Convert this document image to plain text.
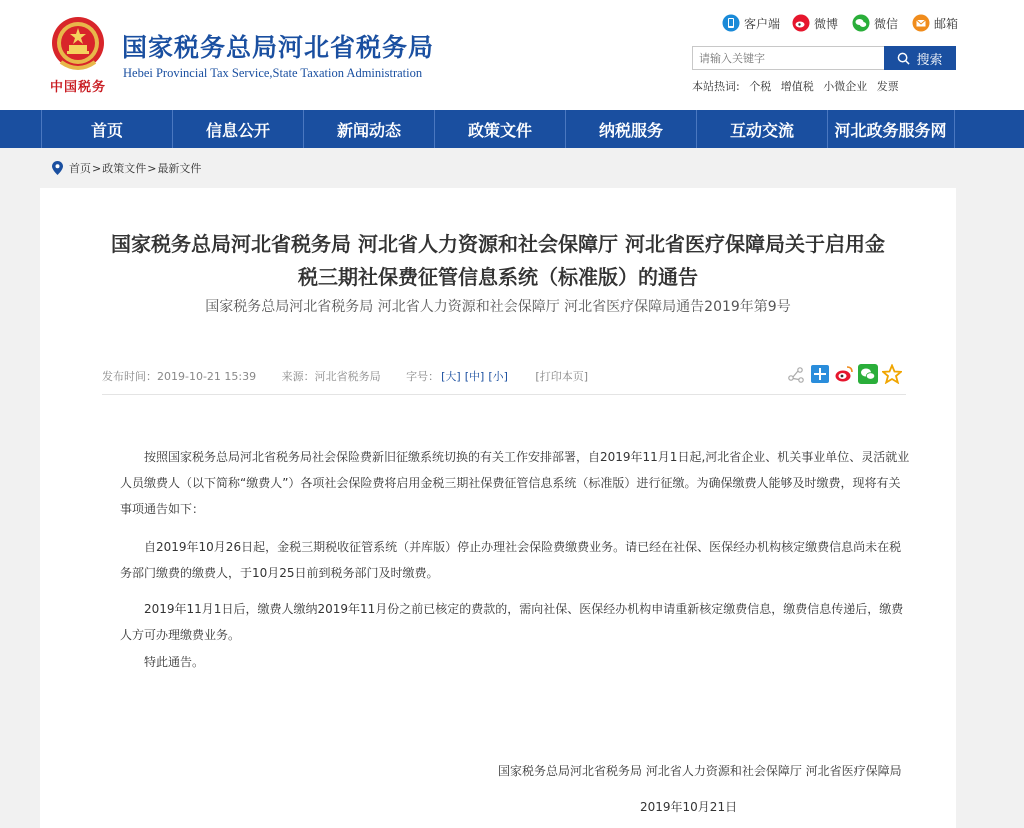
中国税务
国家税务总局河北省税务局
Hebei Provincial Tax Service,State Taxation Administration
客户端	微博	微信	邮箱
请输入关键字
搜索
本站热词: 个税 增值税 小微企业 发票
首页	信息公开	新闻动态	政策文件	纳税服务	互动交流	河北政务服务网
首页 > 政策文件 > 最新文件
国家税务总局河北省税务局 河北省人力资源和社会保障厅 河北省医疗保障局关于启用金
税三期社保费征管信息系统（标准版）的通告
国家税务总局河北省税务局 河北省人力资源和社会保障厅 河北省医疗保障局通告2019年第9号
发布时间：2019-10-21 15:39 来源：河北省税务局 字号： [大] [中] [小]	[打印本页]

按照国家税务总局河北省税务局社会保险费新旧征缴系统切换的有关工作安排部署，自2019年11月1日起,河北省企业、机关事业单位、灵活就业人员缴费人（以下简称“缴费人”）各项社会保险费将启用金税三期社保费征管信息系统（标准版）进行征缴。为确保缴费人能够及时缴费，现将有关事项通告如下：

自2019年10月26日起，金税三期税收征管系统（并库版）停止办理社会保险费缴费业务。请已经在社保、医保经办机构核定缴费信息尚未在税务部门缴费的缴费人，于10月25日前到税务部门及时缴费。

2019年11月1日后，缴费人缴纳2019年11月份之前已核定的费款的，需向社保、医保经办机构申请重新核定缴费信息，缴费信息传递后，缴费人方可办理缴费业务。

特此通告。

国家税务总局河北省税务局 河北省人力资源和社会保障厅 河北省医疗保障局
2019年10月21日
